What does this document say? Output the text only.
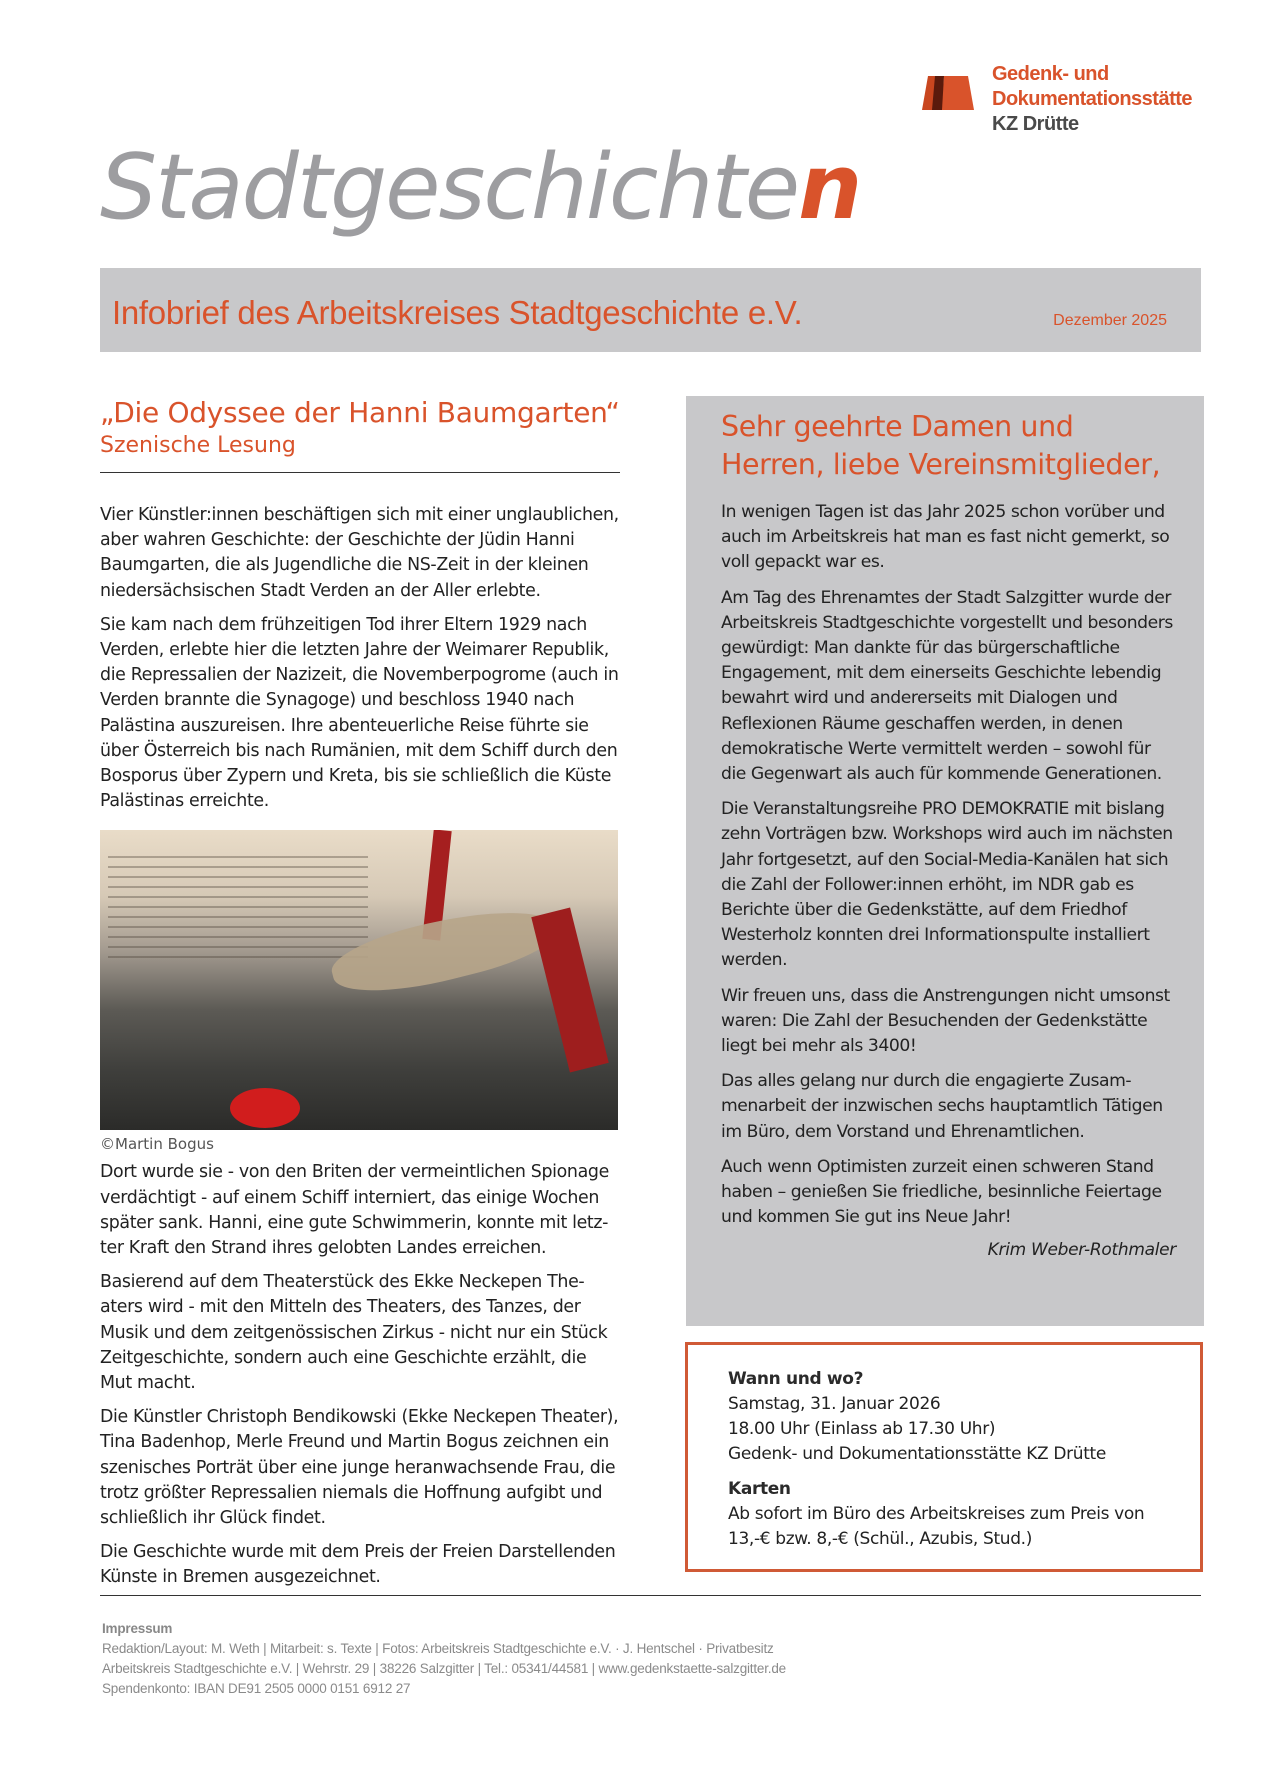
Gedenk- und
Dokumentationsstätte
KZ Drütte
Stadtgeschichten
Infobrief des Arbeitskreises Stadtgeschichte e.V.	Dezember 2025
„Die Odyssee der Hanni Baumgarten“
Szenische Lesung

Vier Künstler:innen beschäftigen sich mit einer unglaublichen, aber wahren Geschichte: der Geschichte der Jüdin Hanni Baumgarten, die als Jugendliche die NS-Zeit in der kleinen niedersächsischen Stadt Verden an der Aller erlebte.

Sie kam nach dem frühzeitigen Tod ihrer Eltern 1929 nach Verden, erlebte hier die letzten Jahre der Weimarer Republik, die Repressalien der Nazizeit, die Novemberpogrome (auch in Verden brannte die Synagoge) und beschloss 1940 nach Palästina auszureisen. Ihre abenteuerliche Reise führte sie über Österreich bis nach Rumänien, mit dem Schiff durch den Bosporus über Zypern und Kreta, bis sie schließlich die Küste Palästinas erreichte.

©Martin Bogus

Dort wurde sie - von den Briten der vermeintlichen Spionage verdächtigt - auf einem Schiff interniert, das einige Wochen später sank. Hanni, eine gute Schwimmerin, konnte mit letzter Kraft den Strand ihres gelobten Landes erreichen.

Basierend auf dem Theaterstück des Ekke Neckepen Theaters wird - mit den Mitteln des Theaters, des Tanzes, der Musik und dem zeitgenössischen Zirkus - nicht nur ein Stück Zeitgeschichte, sondern auch eine Geschichte erzählt, die Mut macht.

Die Künstler Christoph Bendikowski (Ekke Neckepen Theater), Tina Badenhop, Merle Freund und Martin Bogus zeichnen ein szenisches Porträt über eine junge heranwachsende Frau, die trotz größter Repressalien niemals die Hoffnung aufgibt und schließlich ihr Glück findet.

Die Geschichte wurde mit dem Preis der Freien Darstellenden Künste in Bremen ausgezeichnet.

Sehr geehrte Damen und Herren, liebe Vereinsmitglieder,

In wenigen Tagen ist das Jahr 2025 schon vorüber und auch im Arbeitskreis hat man es fast nicht gemerkt, so voll gepackt war es.

Am Tag des Ehrenamtes der Stadt Salzgitter wurde der Arbeitskreis Stadtgeschichte vorgestellt und besonders gewürdigt: Man dankte für das bürgerschaftliche Engagement, mit dem einerseits Geschichte lebendig bewahrt wird und andererseits mit Dialogen und Reflexionen Räume geschaffen werden, in denen demokratische Werte vermittelt werden – sowohl für die Gegenwart als auch für kommende Generationen.

Die Veranstaltungsreihe PRO DEMOKRATIE mit bislang zehn Vorträgen bzw. Workshops wird auch im nächsten Jahr fortgesetzt, auf den Social-Media-Kanälen hat sich die Zahl der Follower:innen erhöht, im NDR gab es Berichte über die Gedenkstätte, auf dem Friedhof Westerholz konnten drei Informationspulte installiert werden.

Wir freuen uns, dass die Anstrengungen nicht umsonst waren: Die Zahl der Besuchenden der Gedenkstätte liegt bei mehr als 3400!

Das alles gelang nur durch die engagierte Zusammenarbeit der inzwischen sechs hauptamtlich Tätigen im Büro, dem Vorstand und Ehrenamtlichen.

Auch wenn Optimisten zurzeit einen schweren Stand haben – genießen Sie friedliche, besinnliche Feiertage und kommen Sie gut ins Neue Jahr!

Krim Weber-Rothmaler
Wann und wo?
Samstag, 31. Januar 2026
18.00 Uhr (Einlass ab 17.30 Uhr)
Gedenk- und Dokumentationsstätte KZ Drütte
Karten
Ab sofort im Büro des Arbeitskreises zum Preis von
13,-€ bzw. 8,-€ (Schül., Azubis, Stud.)
Impressum
Redaktion/Layout: M. Weth | Mitarbeit: s. Texte | Fotos: Arbeitskreis Stadtgeschichte e.V. · J. Hentschel · Privatbesitz
Arbeitskreis Stadtgeschichte e.V. | Wehrstr. 29 | 38226 Salzgitter | Tel.: 05341/44581 | www.gedenkstaette-salzgitter.de
Spendenkonto: IBAN DE91 2505 0000 0151 6912 27
